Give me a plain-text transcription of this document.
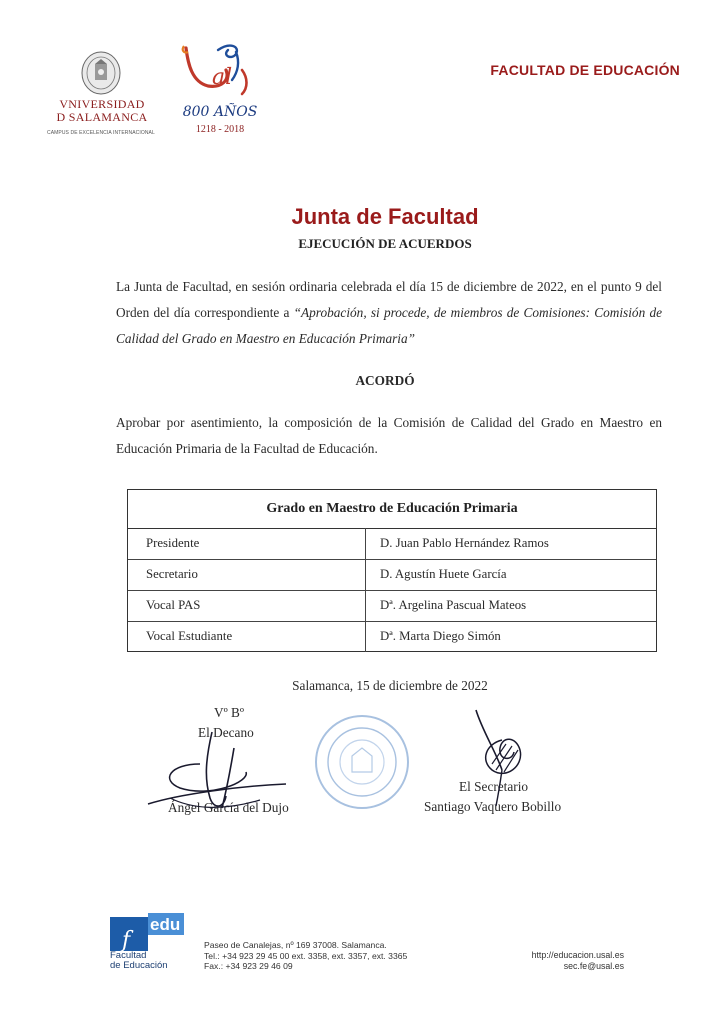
VNIVERSIDAD
D SALAMANCA
CAMPUS DE EXCELENCIA INTERNACIONAL
al
800 AÑOS
1218 - 2018
FACULTAD DE EDUCACIÓN
Junta de Facultad
EJECUCIÓN DE ACUERDOS
La Junta de Facultad, en sesión ordinaria celebrada el día 15 de diciembre de 2022, en el punto 9 del Orden del día correspondiente a “Aprobación, si procede, de miembros de Comisiones: Comisión de Calidad del Grado en Maestro en Educación Primaria”
ACORDÓ
Aprobar por asentimiento, la composición de la Comisión de Calidad del Grado en Maestro en Educación Primaria de la Facultad de Educación.
Grado en Maestro de Educación Primaria
Presidente	D. Juan Pablo Hernández Ramos
Secretario	D. Agustín Huete García
Vocal PAS	Dª. Argelina Pascual Mateos
Vocal Estudiante	Dª. Marta Diego Simón
Salamanca, 15 de diciembre de 2022
Vº Bº
El Decano
Ángel García del Dujo
El Secretario
Santiago Vaquero Bobillo
edu
f
Facultad
de Educación
Paseo de Canalejas, nº 169 37008. Salamanca.
Tel.: +34 923 29 45 00 ext. 3358, ext. 3357, ext. 3365
Fax.: +34 923 29 46 09
http://educacion.usal.es
sec.fe@usal.es
